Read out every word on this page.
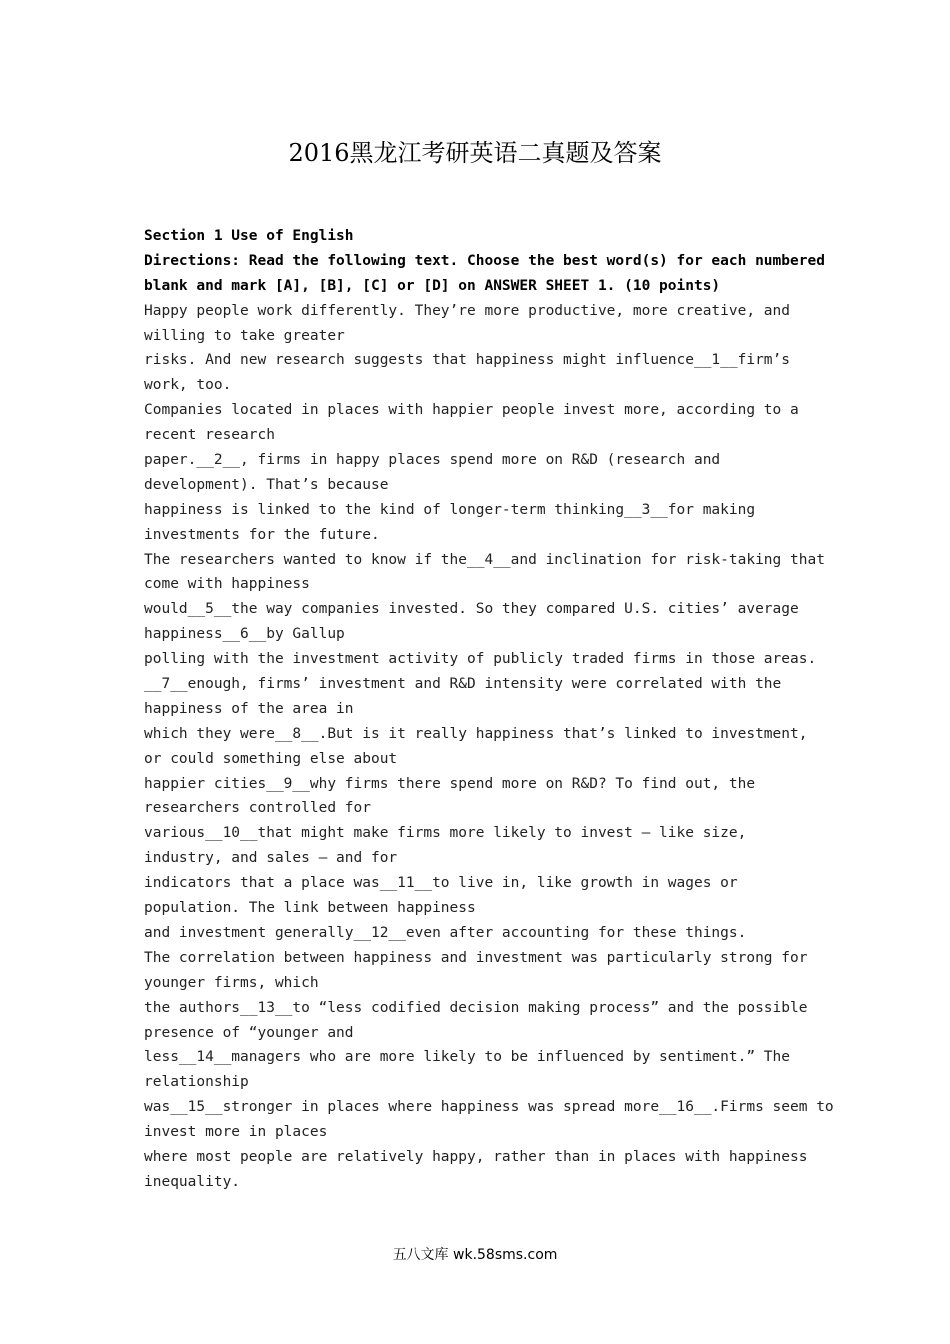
2016黑龙江考研英语二真题及答案
Section 1 Use of English
Directions: Read the following text. Choose the best word(s) for each numbered
blank and mark [A], [B], [C] or [D] on ANSWER SHEET 1. (10 points)
Happy people work differently. They’re more productive, more creative, and
willing to take greater
risks. And new research suggests that happiness might influence__1__firm’s
work, too.
Companies located in places with happier people invest more, according to a
recent research
paper.__2__, firms in happy places spend more on R&D (research and
development). That’s because
happiness is linked to the kind of longer-term thinking__3__for making
investments for the future.
The researchers wanted to know if the__4__and inclination for risk-taking that
come with happiness
would__5__the way companies invested. So they compared U.S. cities’ average
happiness__6__by Gallup
polling with the investment activity of publicly traded firms in those areas.
__7__enough, firms’ investment and R&D intensity were correlated with the
happiness of the area in
which they were__8__.But is it really happiness that’s linked to investment,
or could something else about
happier cities__9__why firms there spend more on R&D? To find out, the
researchers controlled for
various__10__that might make firms more likely to invest – like size,
industry, and sales – and for
indicators that a place was__11__to live in, like growth in wages or
population. The link between happiness
and investment generally__12__even after accounting for these things.
The correlation between happiness and investment was particularly strong for
younger firms, which
the authors__13__to “less codified decision making process” and the possible
presence of “younger and
less__14__managers who are more likely to be influenced by sentiment.” The
relationship
was__15__stronger in places where happiness was spread more__16__.Firms seem to
invest more in places
where most people are relatively happy, rather than in places with happiness
inequality.
五八文库 wk.58sms.com
